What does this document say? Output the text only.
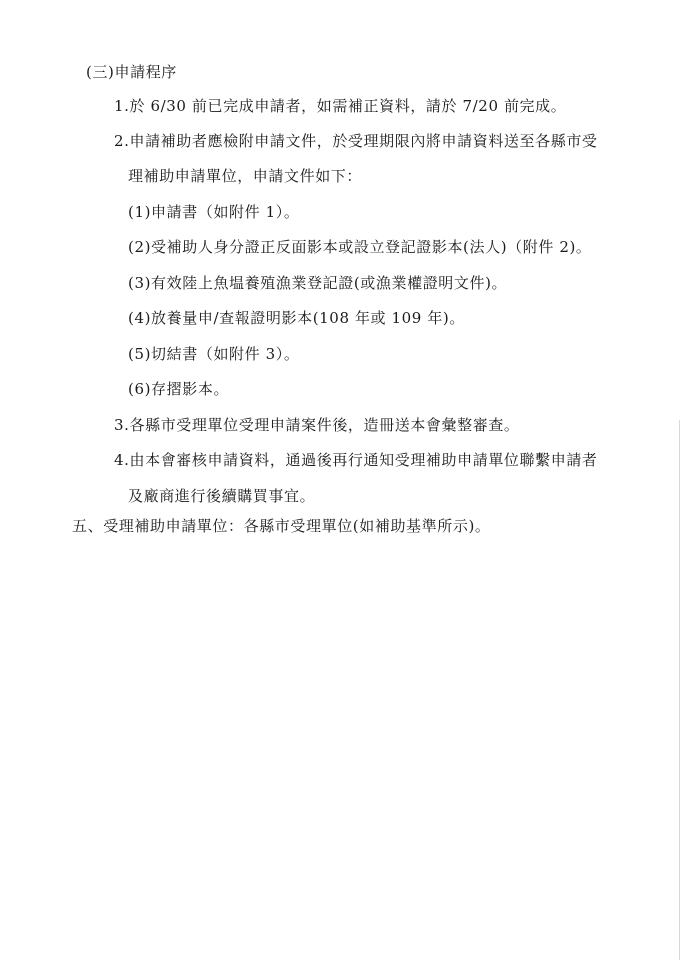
(三)申請程序
1.於 6/30 前已完成申請者，如需補正資料，請於 7/20 前完成。
2.申請補助者應檢附申請文件，於受理期限內將申請資料送至各縣市受
理補助申請單位，申請文件如下：
(1)申請書（如附件 1）。
(2)受補助人身分證正反面影本或設立登記證影本(法人)（附件 2)。
(3)有效陸上魚塭養殖漁業登記證(或漁業權證明文件)。
(4)放養量申/查報證明影本(108 年或 109 年)。
(5)切結書（如附件 3）。
(6)存摺影本。
3.各縣市受理單位受理申請案件後，造冊送本會彙整審查。
4.由本會審核申請資料，通過後再行通知受理補助申請單位聯繫申請者
及廠商進行後續購買事宜。
五、受理補助申請單位：各縣市受理單位(如補助基準所示)。
